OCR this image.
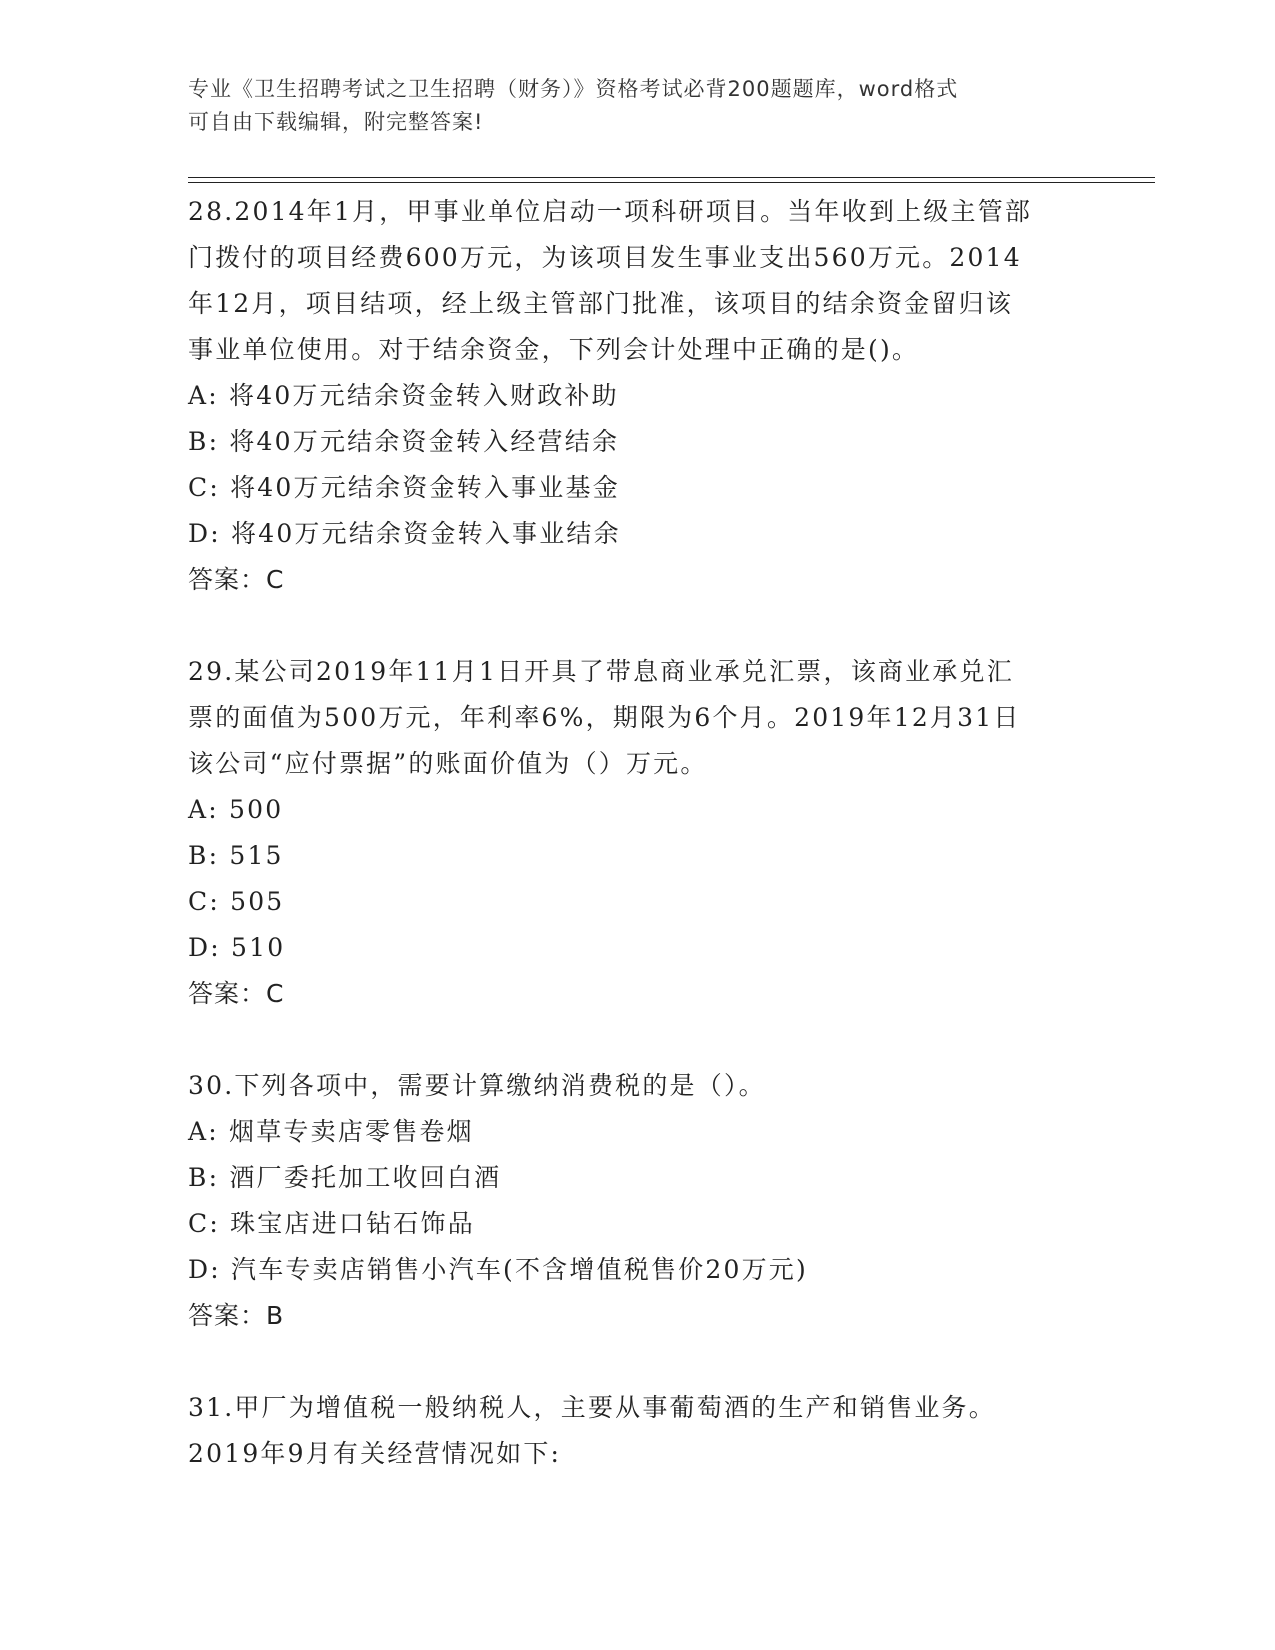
专业《卫生招聘考试之卫生招聘（财务）》资格考试必背200题题库，word格式
可自由下载编辑，附完整答案!
28.2014年1月，甲事业单位启动一项科研项目。当年收到上级主管部
门拨付的项目经费600万元，为该项目发生事业支出560万元。2014
年12月，项目结项，经上级主管部门批准，该项目的结余资金留归该
事业单位使用。对于结余资金，下列会计处理中正确的是()。
A: 将40万元结余资金转入财政补助
B: 将40万元结余资金转入经营结余
C: 将40万元结余资金转入事业基金
D: 将40万元结余资金转入事业结余
答案：C
29.某公司2019年11月1日开具了带息商业承兑汇票，该商业承兑汇
票的面值为500万元，年利率6%，期限为6个月。2019年12月31日
该公司“应付票据”的账面价值为（）万元。
A: 500
B: 515
C: 505
D: 510
答案：C
30.下列各项中，需要计算缴纳消费税的是（）。
A: 烟草专卖店零售卷烟
B: 酒厂委托加工收回白酒
C: 珠宝店进口钻石饰品
D: 汽车专卖店销售小汽车(不含增值税售价20万元)
答案：B
31.甲厂为增值税一般纳税人，主要从事葡萄酒的生产和销售业务。
2019年9月有关经营情况如下:
